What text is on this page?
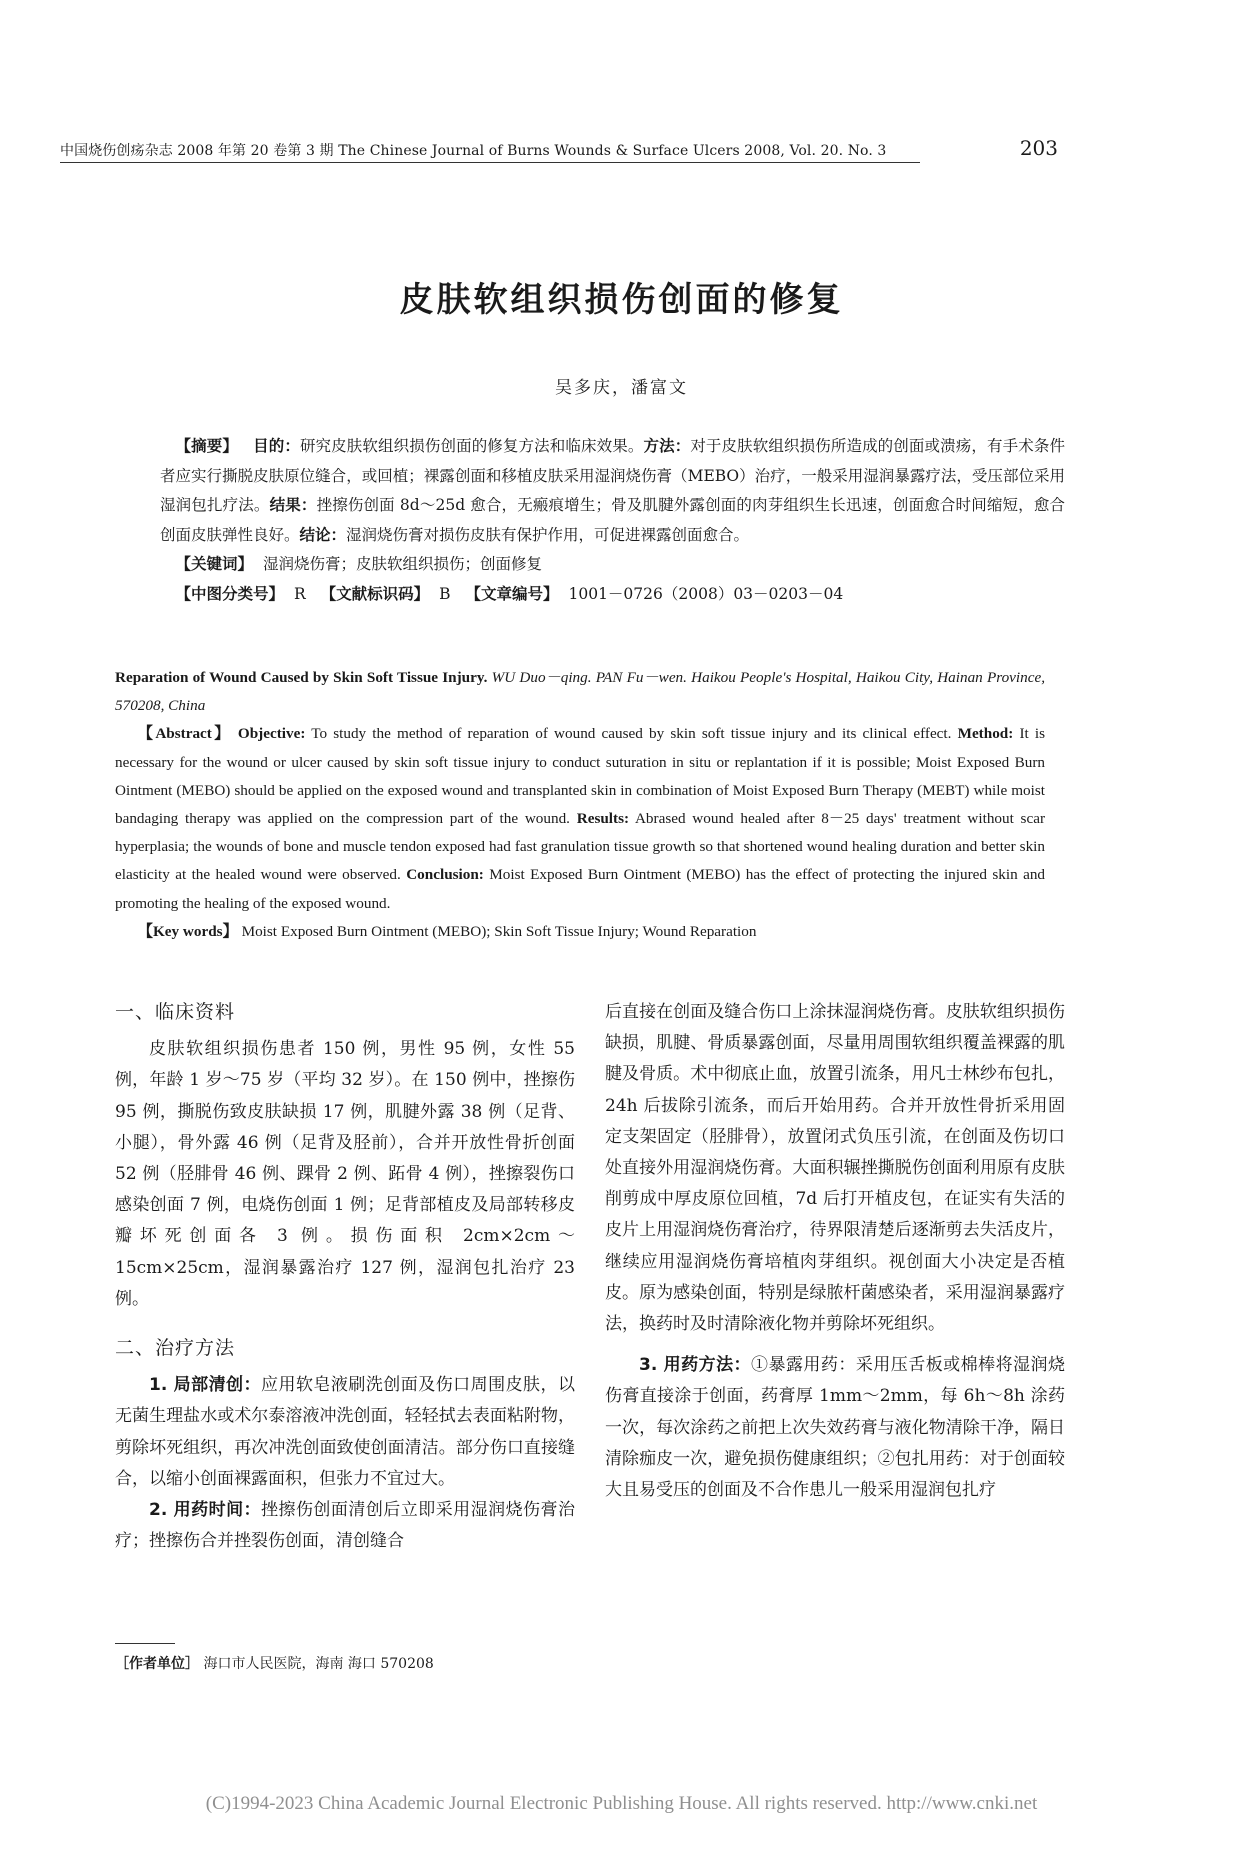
中国烧伤创疡杂志 2008 年第 20 卷第 3 期 The Chinese Journal of Burns Wounds & Surface Ulcers 2008, Vol. 20. No. 3	203
皮肤软组织损伤创面的修复
吴多庆，潘富文

【摘要】 目的：研究皮肤软组织损伤创面的修复方法和临床效果。方法：对于皮肤软组织损伤所造成的创面或溃疡，有手术条件者应实行撕脱皮肤原位缝合，或回植；裸露创面和移植皮肤采用湿润烧伤膏（MEBO）治疗，一般采用湿润暴露疗法，受压部位采用湿润包扎疗法。结果：挫擦伤创面 8d～25d 愈合，无瘢痕增生；骨及肌腱外露创面的肉芽组织生长迅速，创面愈合时间缩短，愈合创面皮肤弹性良好。结论：湿润烧伤膏对损伤皮肤有保护作用，可促进裸露创面愈合。

【关键词】 湿润烧伤膏；皮肤软组织损伤；创面修复

【中图分类号】 R 【文献标识码】 B 【文章编号】 1001－0726（2008）03－0203－04

Reparation of Wound Caused by Skin Soft Tissue Injury. WU Duo－qing. PAN Fu－wen. Haikou People's Hospital, Haikou City, Hainan Province, 570208, China

【Abstract】 Objective: To study the method of reparation of wound caused by skin soft tissue injury and its clinical effect. Method: It is necessary for the wound or ulcer caused by skin soft tissue injury to conduct suturation in situ or replantation if it is possible; Moist Exposed Burn Ointment (MEBO) should be applied on the exposed wound and transplanted skin in combination of Moist Exposed Burn Therapy (MEBT) while moist bandaging therapy was applied on the compression part of the wound. Results: Abrased wound healed after 8－25 days' treatment without scar hyperplasia; the wounds of bone and muscle tendon exposed had fast granulation tissue growth so that shortened wound healing duration and better skin elasticity at the healed wound were observed. Conclusion: Moist Exposed Burn Ointment (MEBO) has the effect of protecting the injured skin and promoting the healing of the exposed wound.

【Key words】 Moist Exposed Burn Ointment (MEBO); Skin Soft Tissue Injury; Wound Reparation

一、临床资料

皮肤软组织损伤患者 150 例，男性 95 例，女性 55 例，年龄 1 岁～75 岁（平均 32 岁）。在 150 例中，挫擦伤 95 例，撕脱伤致皮肤缺损 17 例，肌腱外露 38 例（足背、小腿），骨外露 46 例（足背及胫前），合并开放性骨折创面 52 例（胫腓骨 46 例、踝骨 2 例、跖骨 4 例），挫擦裂伤口感染创面 7 例，电烧伤创面 1 例；足背部植皮及局部转移皮瓣坏死创面各 3 例。损伤面积 2cm×2cm～15cm×25cm，湿润暴露治疗 127 例，湿润包扎治疗 23 例。

二、治疗方法

1. 局部清创：应用软皂液刷洗创面及伤口周围皮肤，以无菌生理盐水或术尔泰溶液冲洗创面，轻轻拭去表面粘附物，剪除坏死组织，再次冲洗创面致使创面清洁。部分伤口直接缝合，以缩小创面裸露面积，但张力不宜过大。

2. 用药时间：挫擦伤创面清创后立即采用湿润烧伤膏治疗；挫擦伤合并挫裂伤创面，清创缝合

后直接在创面及缝合伤口上涂抹湿润烧伤膏。皮肤软组织损伤缺损，肌腱、骨质暴露创面，尽量用周围软组织覆盖裸露的肌腱及骨质。术中彻底止血，放置引流条，用凡士林纱布包扎，24h 后拔除引流条，而后开始用药。合并开放性骨折采用固定支架固定（胫腓骨），放置闭式负压引流，在创面及伤切口处直接外用湿润烧伤膏。大面积辗挫撕脱伤创面利用原有皮肤削剪成中厚皮原位回植，7d 后打开植皮包，在证实有失活的皮片上用湿润烧伤膏治疗，待界限清楚后逐渐剪去失活皮片，继续应用湿润烧伤膏培植肉芽组织。视创面大小决定是否植皮。原为感染创面，特别是绿脓杆菌感染者，采用湿润暴露疗法，换药时及时清除液化物并剪除坏死组织。

3. 用药方法：①暴露用药：采用压舌板或棉棒将湿润烧伤膏直接涂于创面，药膏厚 1mm～2mm，每 6h～8h 涂药一次，每次涂药之前把上次失效药膏与液化物清除干净，隔日清除痂皮一次，避免损伤健康组织；②包扎用药：对于创面较大且易受压的创面及不合作患儿一般采用湿润包扎疗

［作者单位］ 海口市人民医院，海南 海口 570208
(C)1994-2023 China Academic Journal Electronic Publishing House. All rights reserved. http://www.cnki.net
